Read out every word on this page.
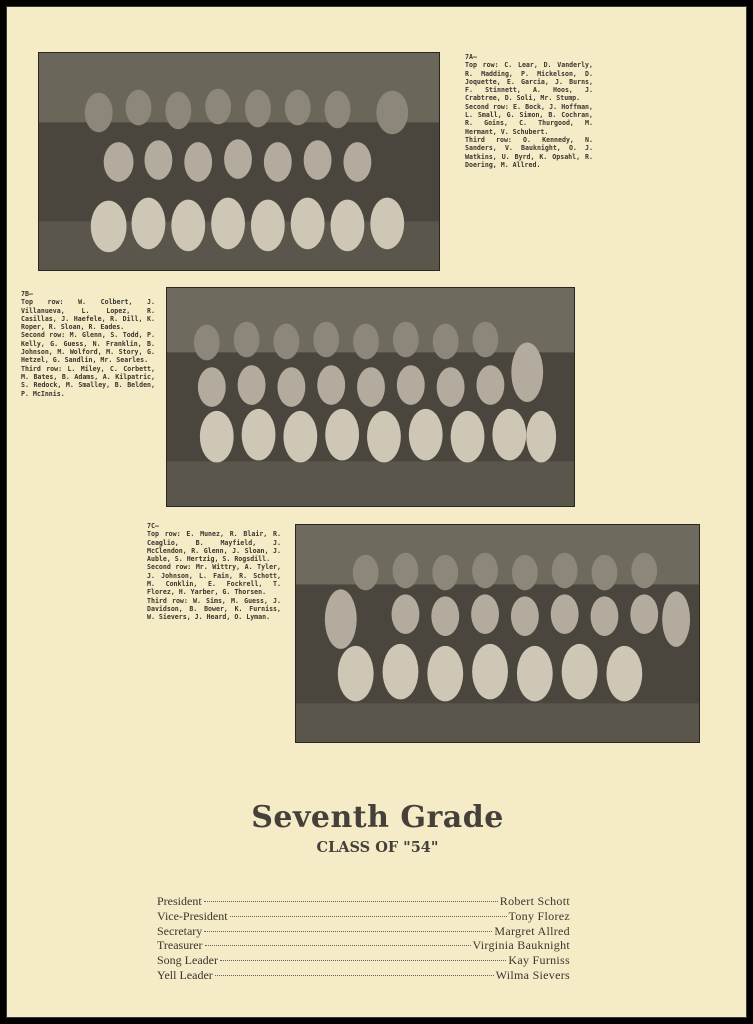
7A—
Top row: C. Lear, D. Vanderly, R. Madding, P. Mickelson, D. Joquette, E. Garcia, J. Burns, F. Stinnett, A. Hoos, J. Crabtree, D. Soli, Mr. Stump.
Second row: E. Bock, J. Hoffman, L. Small, G. Simon, B. Cochran, R. Goins, C. Thurgood, M. Hermant, V. Schubert.
Third row: O. Kennedy, N. Sanders, V. Bauknight, O. J. Watkins, U. Byrd, K. Opsahl, R. Doering, M. Allred.
7B—
Top row: W. Colbert, J. Villanueva, L. Lopez, R. Casillas, J. Haefele, R. Dill, K. Roper, R. Sloan, R. Eades.
Second row: M. Glenn, S. Todd, P. Kelly, G. Guess, N. Franklin, B. Johnson, M. Wolford, M. Story, G. Hetzel, G. Sandlin, Mr. Searles.
Third row: L. Miley, C. Corbett, M. Bates, B. Adams, A. Kilpatric, S. Redock, M. Smalley, B. Belden, P. McInnis.
7C—
Top row: E. Munez, R. Blair, R. Ceaglio, B. Mayfield, J. McClendon, R. Glenn, J. Sloan, J. Auble, S. Hertzig, S. Rogsdill.
Second row: Mr. Wittry, A. Tyler, J. Johnson, L. Fain, R. Schott, M. Conklin, E. Fockrell, T. Florez, H. Yarber, G. Thorsen.
Third row: W. Sims, M. Guess, J. Davidson, B. Bower, K. Furniss, W. Sievers, J. Heard, O. Lyman.
Seventh Grade
CLASS OF "54"
President	Robert Schott
Vice-President	Tony Florez
Secretary	Margret Allred
Treasurer	Virginia Bauknight
Song Leader	Kay Furniss
Yell Leader	Wilma Sievers
